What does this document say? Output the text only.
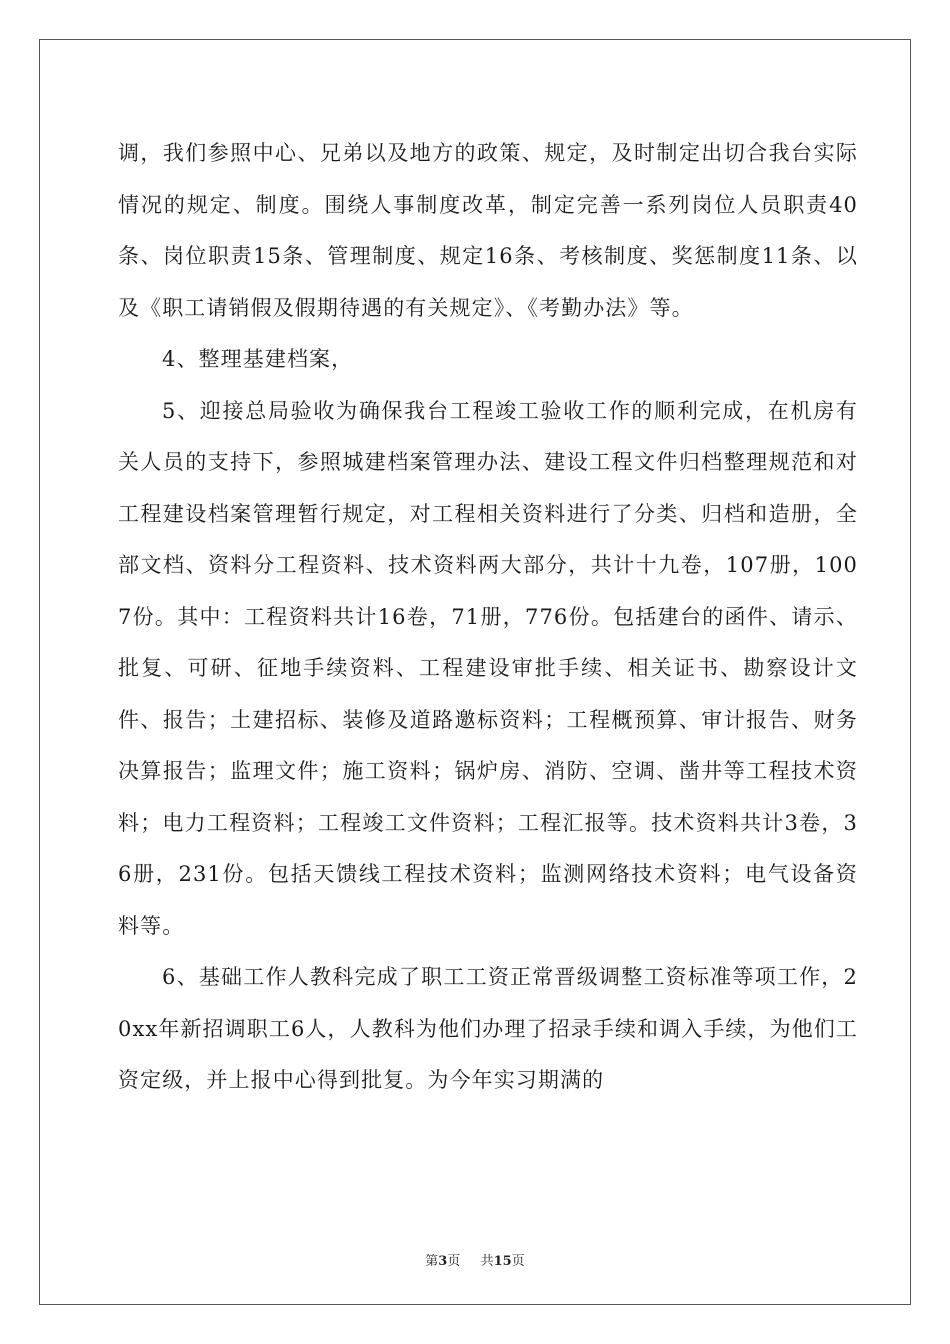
调，我们参照中心、兄弟以及地方的政策、规定，及时制定出切合我台实际情况的规定、制度。围绕人事制度改革，制定完善一系列岗位人员职责40条、岗位职责15条、管理制度、规定16条、考核制度、奖惩制度11条、以及《职工请销假及假期待遇的有关规定》、《考勤办法》等。

4、整理基建档案，

5、迎接总局验收为确保我台工程竣工验收工作的顺利完成，在机房有关人员的支持下，参照城建档案管理办法、建设工程文件归档整理规范和对工程建设档案管理暂行规定，对工程相关资料进行了分类、归档和造册，全部文档、资料分工程资料、技术资料两大部分，共计十九卷，107册，1007份。其中：工程资料共计16卷，71册，776份。包括建台的函件、请示、批复、可研、征地手续资料、工程建设审批手续、相关证书、勘察设计文件、报告；土建招标、装修及道路邀标资料；工程概预算、审计报告、财务决算报告；监理文件；施工资料；锅炉房、消防、空调、凿井等工程技术资料；电力工程资料；工程竣工文件资料；工程汇报等。技术资料共计3卷，36册，231份。包括天馈线工程技术资料；监测网络技术资料；电气设备资料等。

6、基础工作人教科完成了职工工资正常晋级调整工资标准等项工作，20xx年新招调职工6人，人教科为他们办理了招录手续和调入手续，为他们工资定级，并上报中心得到批复。为今年实习期满的

第3页 共15页
